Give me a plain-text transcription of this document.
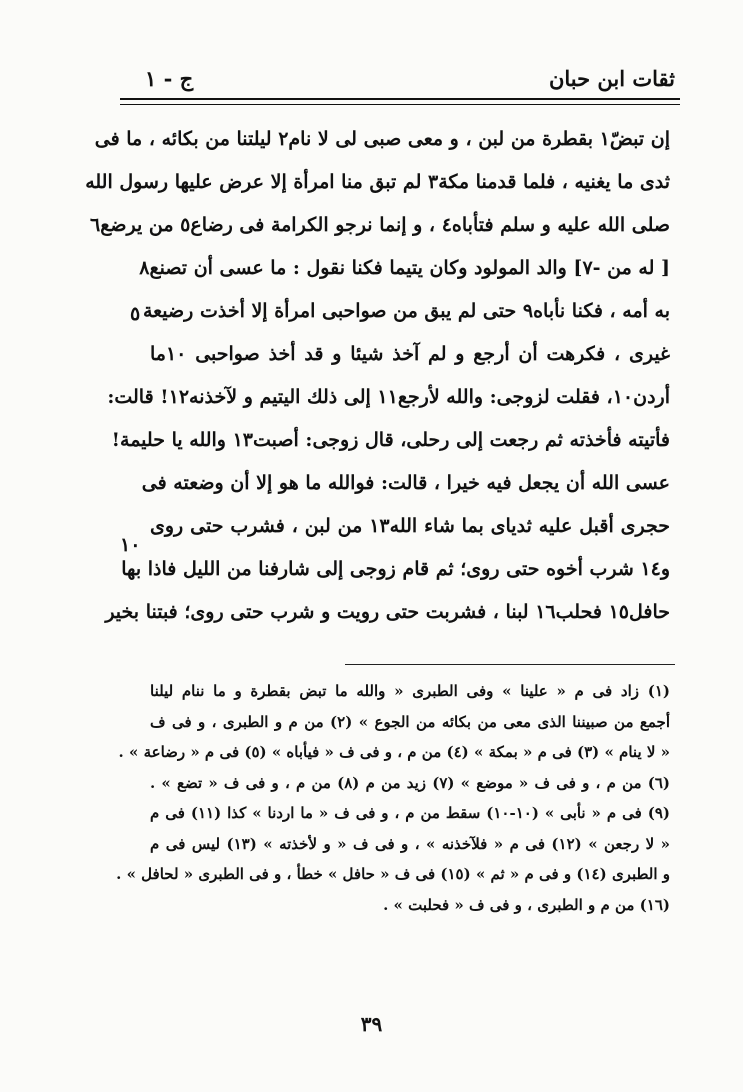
ثقات ابن حبان
ج - ١
إن تبضّ١ بقطرة من لبن ، و معى صبى لى لا نام٢ ليلتنا من بكائه ، ما فى
ثدى ما يغنيه ، فلما قدمنا مكة٣ لم تبق منا امرأة إلا عرض عليها رسول الله
صلى الله عليه و سلم فتأباه٤ ، و إنما نرجو الكرامة فى رضاع٥ من يرضع٦
[ له من -٧] والد المولود وكان يتيما فكنا نقول : ما عسى أن تصنع٨
به أمه ، فكنا نأباه٩ حتى لم يبق من صواحبى امرأة إلا أخذت رضيعة
غيرى ، فكرهت أن أرجع و لم آخذ شيئا و قد أخذ صواحبى ١٠ما
أردن١٠، فقلت لزوجى: والله لأرجع١١ إلى ذلك اليتيم و لآخذنه١٢! قالت:
فأتيته فأخذته ثم رجعت إلى رحلى، قال زوجى: أصبت١٣ والله يا حليمة!
عسى الله أن يجعل فيه خيرا ، قالت: فوالله ما هو إلا أن وضعته فى
حجرى أقبل عليه ثدياى بما شاء الله١٣ من لبن ، فشرب حتى روى
و١٤ شرب أخوه حتى روى؛ ثم قام زوجى إلى شارفنا من الليل فاذا بها
حافل١٥ فحلب١٦ لبنا ، فشربت حتى رويت و شرب حتى روى؛ فبتنا بخير
٥
١٠
(١) زاد فى م « علينا » وفى الطبرى « والله ما تبض بقطرة و ما ننام ليلنا
أجمع من صبيننا الذى معى من بكائه من الجوع » (٢) من م و الطبرى ، و فى ف
« لا ينام » (٣) فى م « بمكة » (٤) من م ، و فى ف « فيأباه » (٥) فى م « رضاعة » .
(٦) من م ، و فى ف « موضع » (٧) زيد من م (٨) من م ، و فى ف « تضع » .
(٩) فى م « نأبى » (١٠-١٠) سقط من م ، و فى ف « ما اردنا » كذا (١١) فى م
« لا رجعن » (١٢) فى م « فلآخذنه » ، و فى ف « و لأخذته » (١٣) ليس فى م
و الطبرى (١٤) و فى م « ثم » (١٥) فى ف « حافل » خطأ ، و فى الطبرى « لحافل » .
(١٦) من م و الطبرى ، و فى ف « فحلبت » .
٣٩
